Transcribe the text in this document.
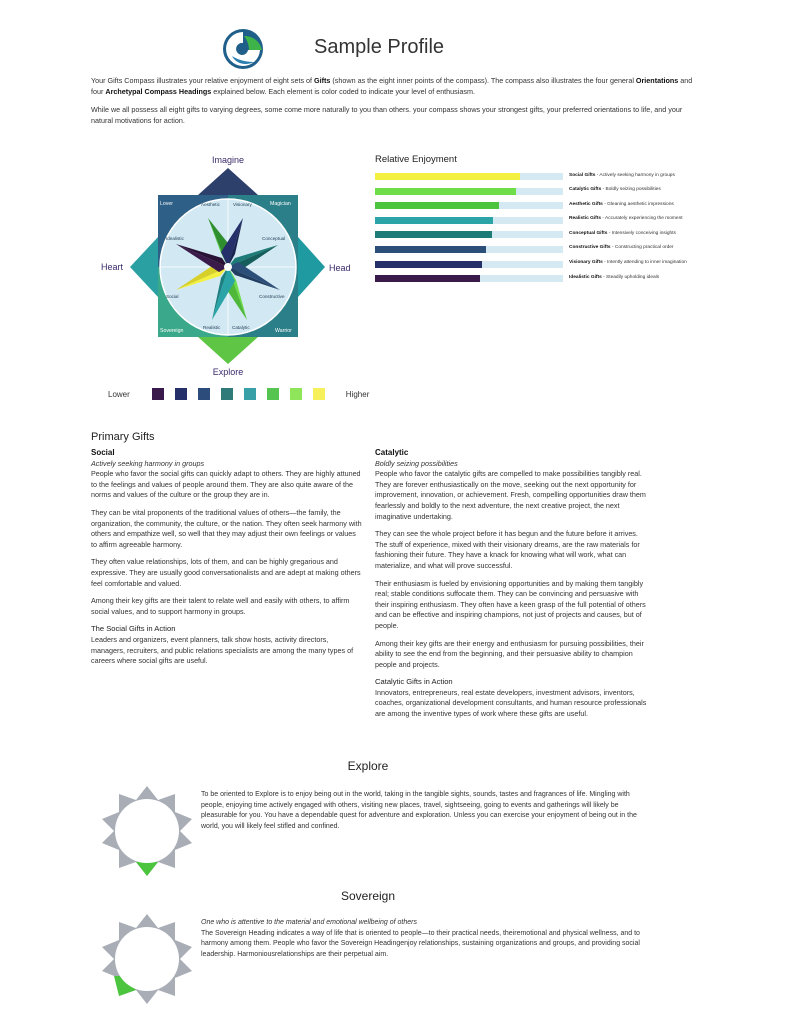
Sample Profile
Your Gifts Compass illustrates your relative enjoyment of eight sets of Gifts (shown as the eight inner points of the compass). The compass also illustrates the four general Orientations and four Archetypal Compass Headings explained below. Each element is color coded to indicate your level of enthusiasm.
While we all possess all eight gifts to varying degrees, some come more naturally to you than others. your compass shows your strongest gifts, your preferred orientations to life, and your natural motivations for action.
Aesthetic	Visionary
Conceptual
Constructive
Catalytic
Realistic
Social
Idealistic
Lover	Magician
Sovereign	Warrior
Imagine
Heart	Head
Explore
Lower	Higher
Relative Enjoyment
Social Gifts - Actively seeking harmony in groups
Catalytic Gifts - Boldly seizing possibilities
Aesthetic Gifts - Gleaning aesthetic impressions
Realistic Gifts - Accurately experiencing the moment
Conceptual Gifts - Intensively conceiving insights
Constructive Gifts - Constructing practical order
Visionary Gifts - Intently attending to inner imagination
Idealistic Gifts - Steadily upholding ideals
Primary Gifts
Social
Actively seeking harmony in groups

People who favor the social gifts can quickly adapt to others. They are highly attuned to the feelings and values of people around them. They are also quite aware of the norms and values of the culture or the group they are in.

They can be vital proponents of the traditional values of others—the family, the organization, the community, the culture, or the nation. They often seek harmony with others and empathize well, so well that they may adjust their own feelings or values to affirm agreeable harmony.

They often value relationships, lots of them, and can be highly gregarious and expressive. They are usually good conversationalists and are adept at making others feel comfortable and valued.

Among their key gifts are their talent to relate well and easily with others, to affirm social values, and to support harmony in groups.

The Social Gifts in Action

Leaders and organizers, event planners, talk show hosts, activity directors, managers, recruiters, and public relations specialists are among the many types of careers where social gifts are useful.

Catalytic
Boldly seizing possibilities

People who favor the catalytic gifts are compelled to make possibilities tangibly real. They are forever enthusiastically on the move, seeking out the next opportunity for improvement, innovation, or achievement. Fresh, compelling opportunities draw them fearlessly and boldly to the next adventure, the next creative project, the next imaginative undertaking.

They can see the whole project before it has begun and the future before it arrives. The stuff of experience, mixed with their visionary dreams, are the raw materials for fashioning their future. They have a knack for knowing what will work, what can materialize, and what will prove successful.

Their enthusiasm is fueled by envisioning opportunities and by making them tangibly real; stable conditions suffocate them. They can be convincing and persuasive with their inspiring enthusiasm. They often have a keen grasp of the full potential of others and can be effective and inspiring champions, not just of projects and causes, but of people.

Among their key gifts are their energy and enthusiasm for pursuing possibilities, their ability to see the end from the beginning, and their persuasive ability to champion people and projects.

Catalytic Gifts in Action

Innovators, entrepreneurs, real estate developers, investment advisors, inventors, coaches, organizational development consultants, and human resource professionals are among the inventive types of work where these gifts are useful.

Explore

To be oriented to Explore is to enjoy being out in the world, taking in the tangible sights, sounds, tastes and fragrances of life. Mingling with people, enjoying time actively engaged with others, visiting new places, travel, sightseeing, going to events and gatherings will likely be pleasurable for you. You have a dependable quest for adventure and exploration. Unless you can exercise your enjoyment of being out in the world, you will likely feel stifled and confined.

Sovereign

One who is attentive to the material and emotional wellbeing of others

The Sovereign Heading indicates a way of life that is oriented to people—to their practical needs, theiremotional and physical wellness, and to harmony among them. People who favor the Sovereign Headingenjoy relationships, sustaining organizations and groups, and providing social leadership. Harmoniousrelationships are their perpetual aim.
